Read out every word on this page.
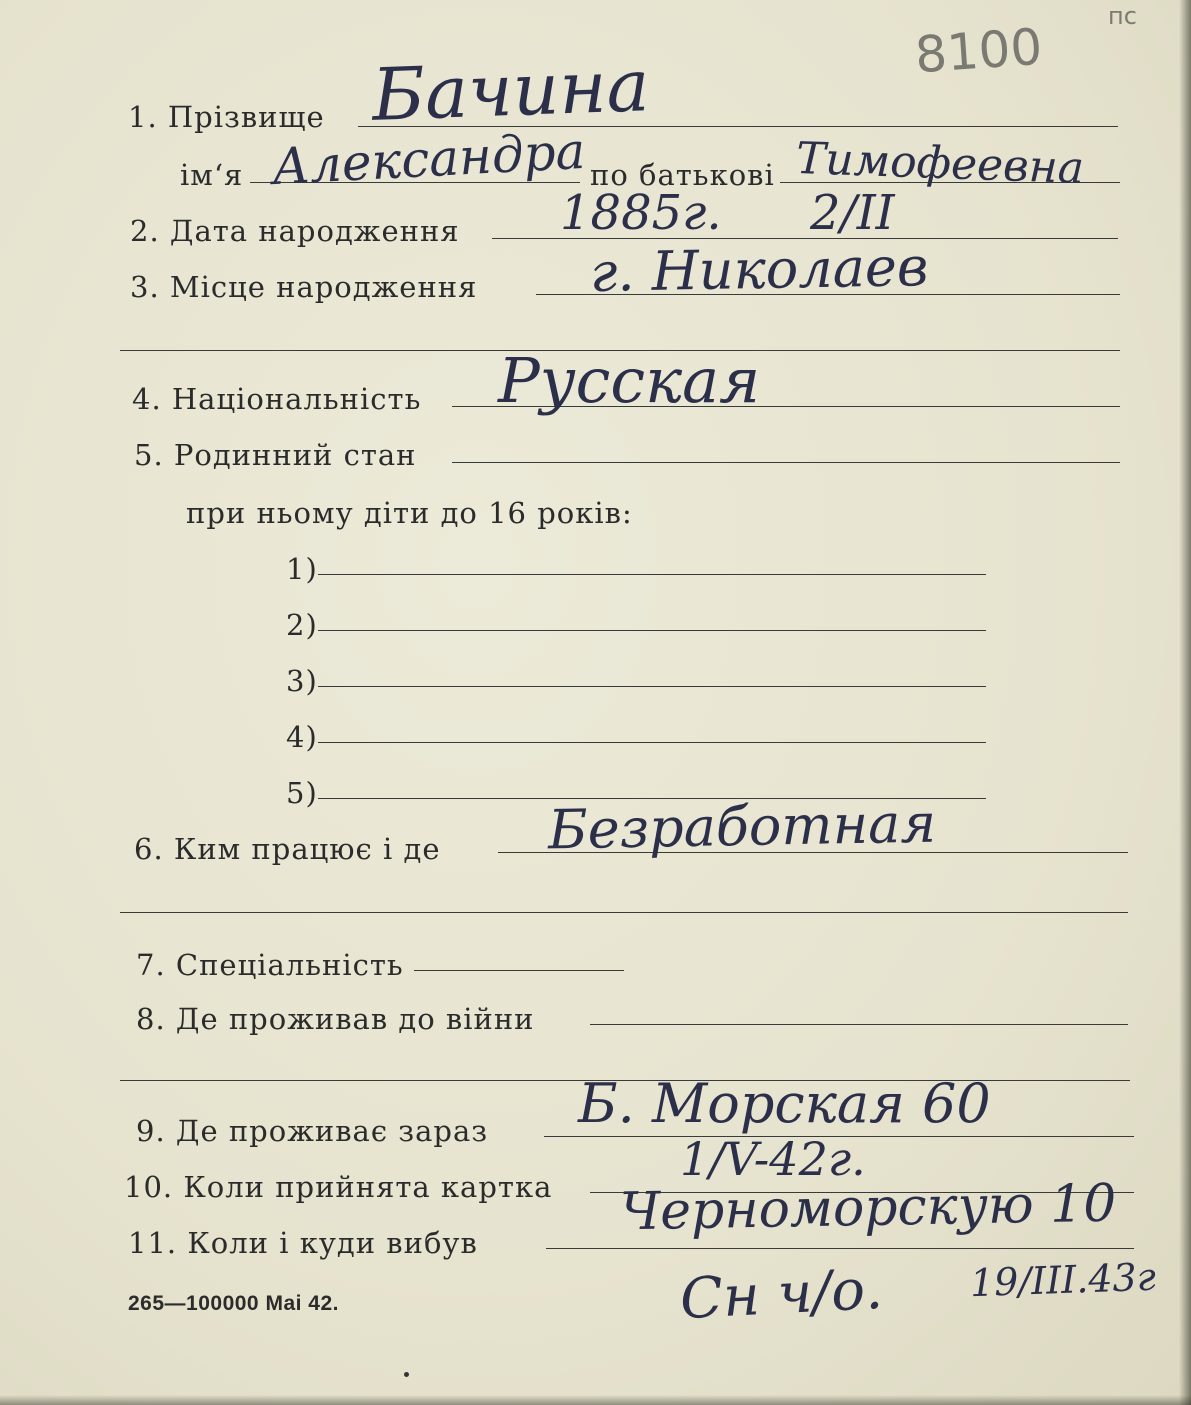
8100
пс
1. Прізвище Бачина
ім‘я	по батькові
Александра	Тимофеевна
2. Дата народження 1885г. 2/II
3. Місце народження г. Николаев
4. Національність Русская
5. Родинний стан
при ньому діти до 16 років:
1)
2)
3)
4)
5)
6. Ким працює і де Безработная
7. Спеціальність
8. Де проживав до війни
9. Де проживає зараз Б. Морская 60
10. Коли прийнята картка
1/V-42г.
11. Коли і куди вибув
Черноморскую 10
Сн ч/о. 19/III.43г
265—100000 Mai 42.
